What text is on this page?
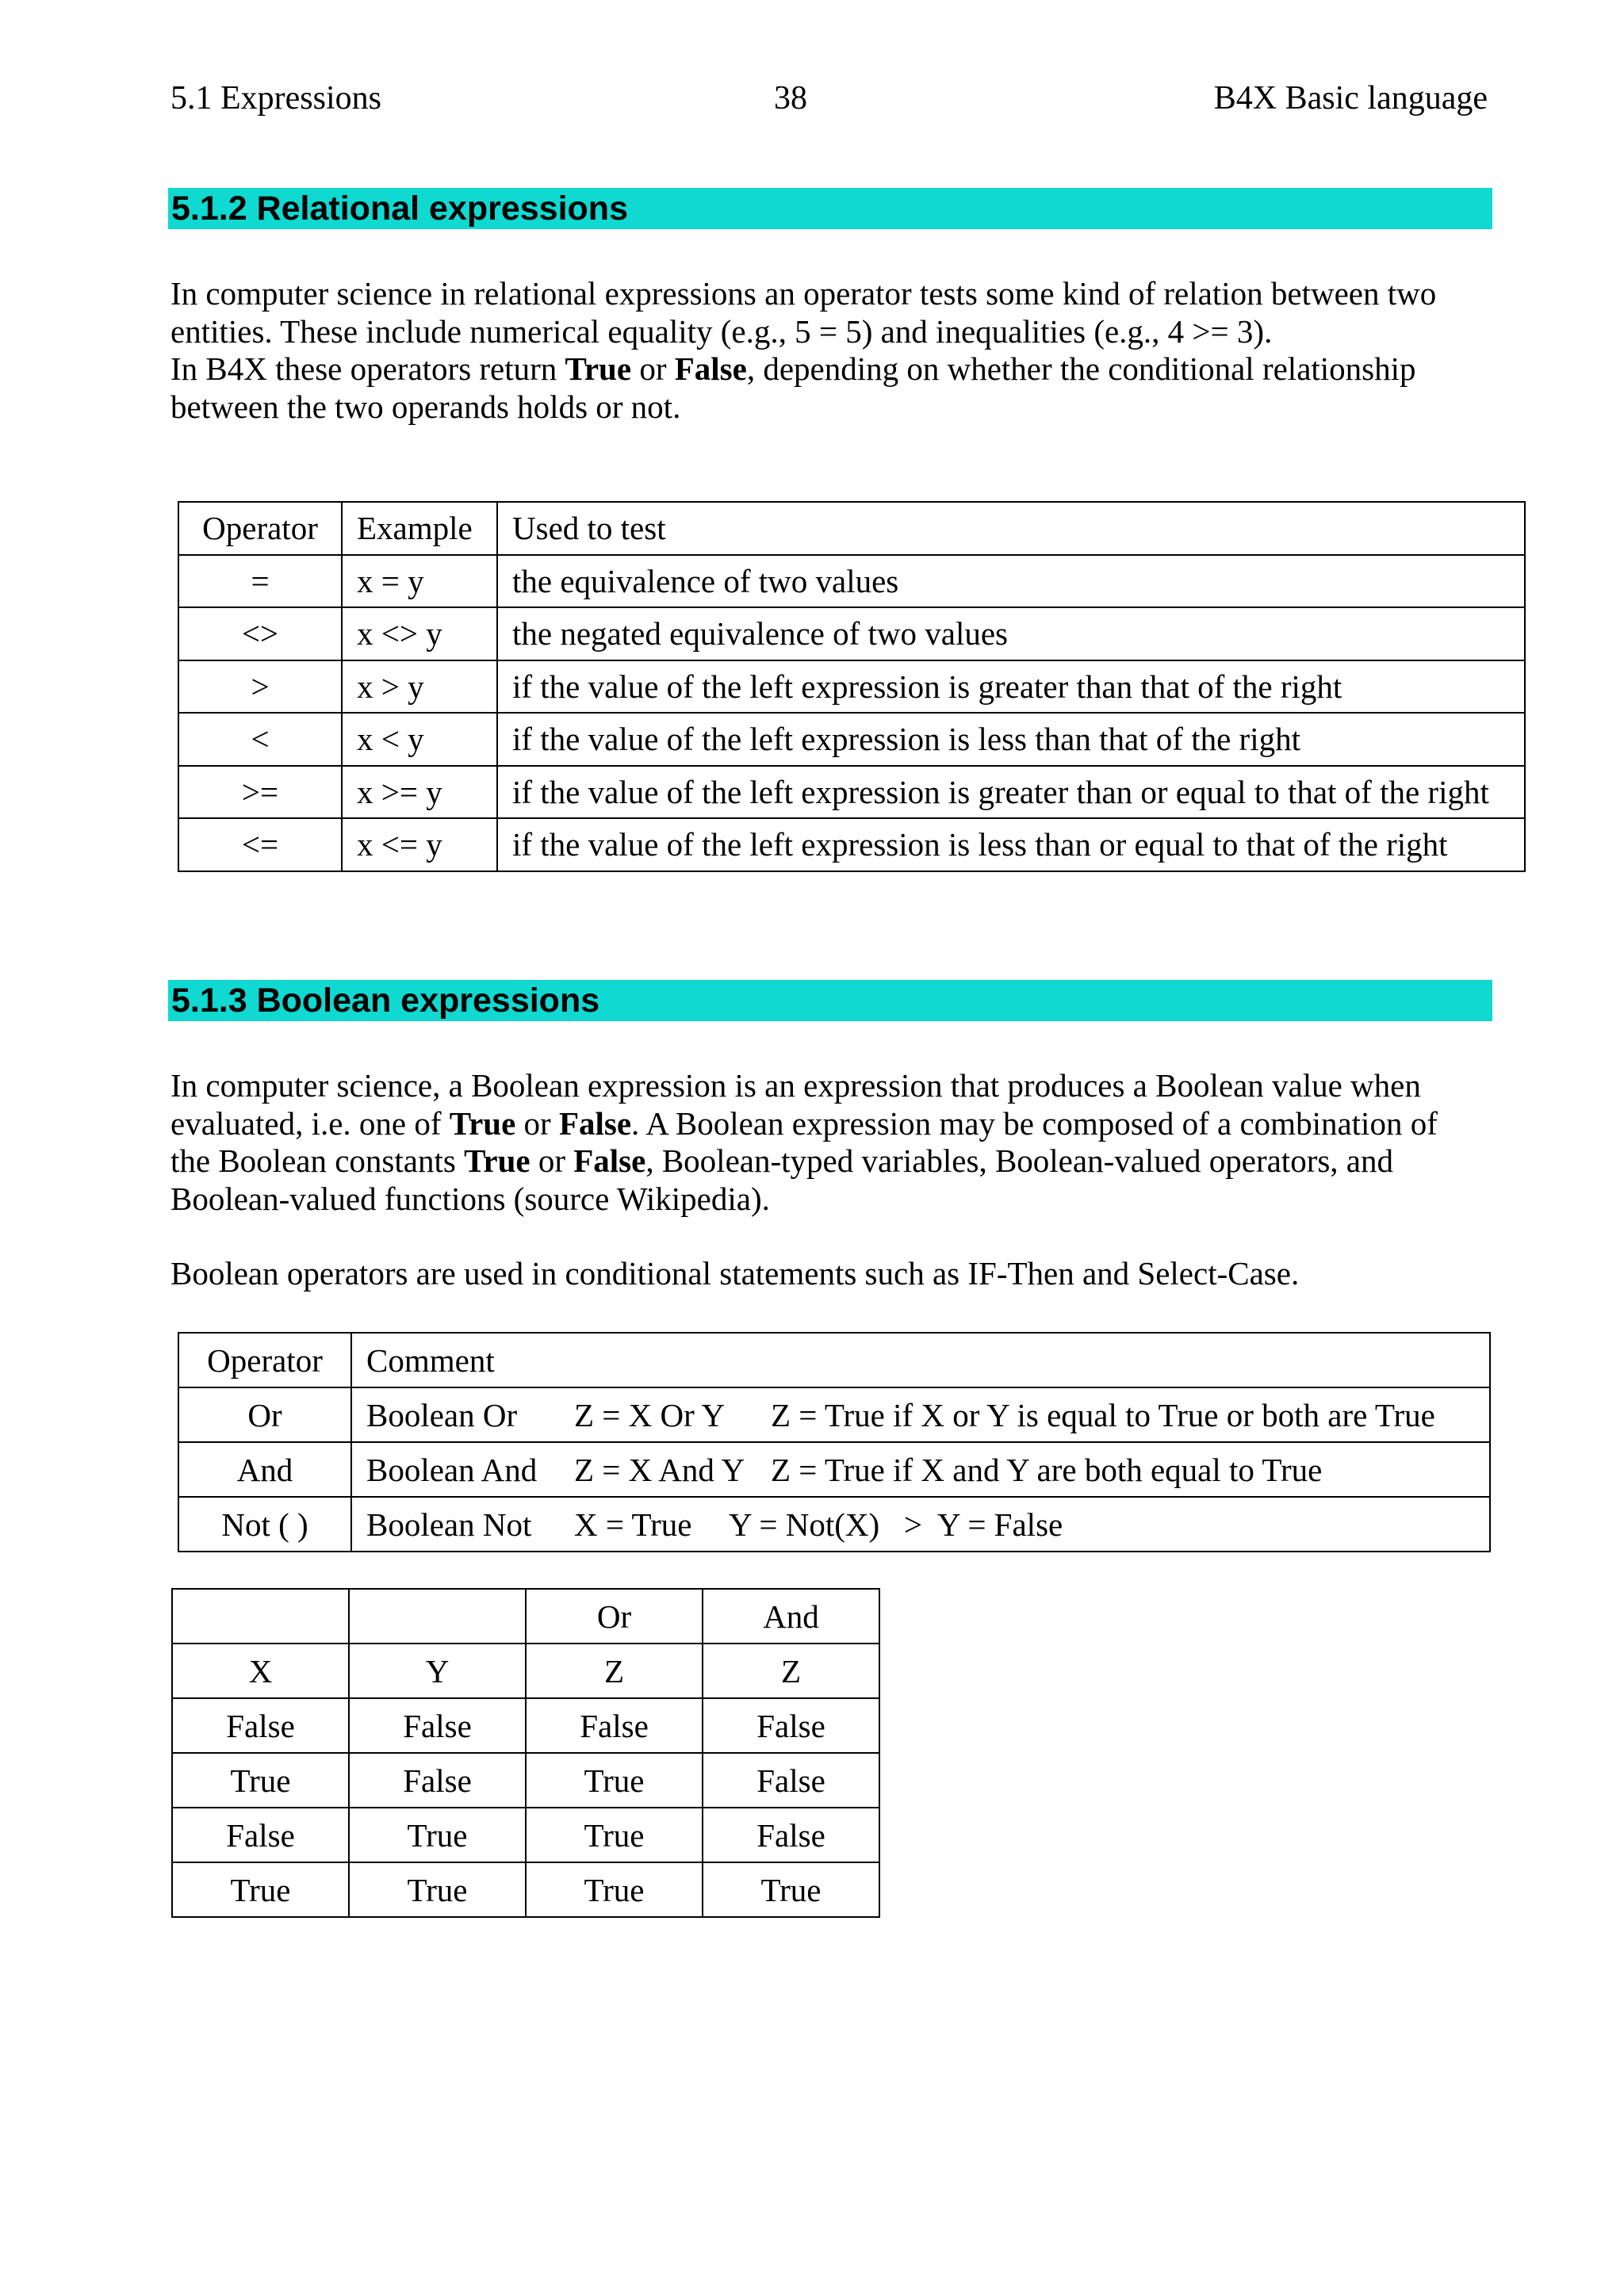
5.1 Expressions	38	B4X Basic language
5.1.2 Relational expressions
In computer science in relational expressions an operator tests some kind of relation between two
entities. These include numerical equality (e.g., 5 = 5) and inequalities (e.g., 4 >= 3).
In B4X these operators return True or False, depending on whether the conditional relationship
between the two operands holds or not.
Operator	Example	Used to test
=	x = y	the equivalence of two values
<>	x <> y	the negated equivalence of two values
>	x > y	if the value of the left expression is greater than that of the right
<	x < y	if the value of the left expression is less than that of the right
>=	x >= y	if the value of the left expression is greater than or equal to that of the right
<=	x <= y	if the value of the left expression is less than or equal to that of the right
5.1.3 Boolean expressions
In computer science, a Boolean expression is an expression that produces a Boolean value when
evaluated, i.e. one of True or False. A Boolean expression may be composed of a combination of
the Boolean constants True or False, Boolean-typed variables, Boolean-valued operators, and
Boolean-valued functions (source Wikipedia).
Boolean operators are used in conditional statements such as IF-Then and Select-Case.
Operator	Comment
Or	Boolean Or Z = X Or Y Z = True if X or Y is equal to True or both are True
And	Boolean And Z = X And Y Z = True if X and Y are both equal to True
Not ( )	Boolean Not X = True Y = Not(X)   >  Y = False
		Or	And
X	Y	Z	Z
False	False	False	False
True	False	True	False
False	True	True	False
True	True	True	True
